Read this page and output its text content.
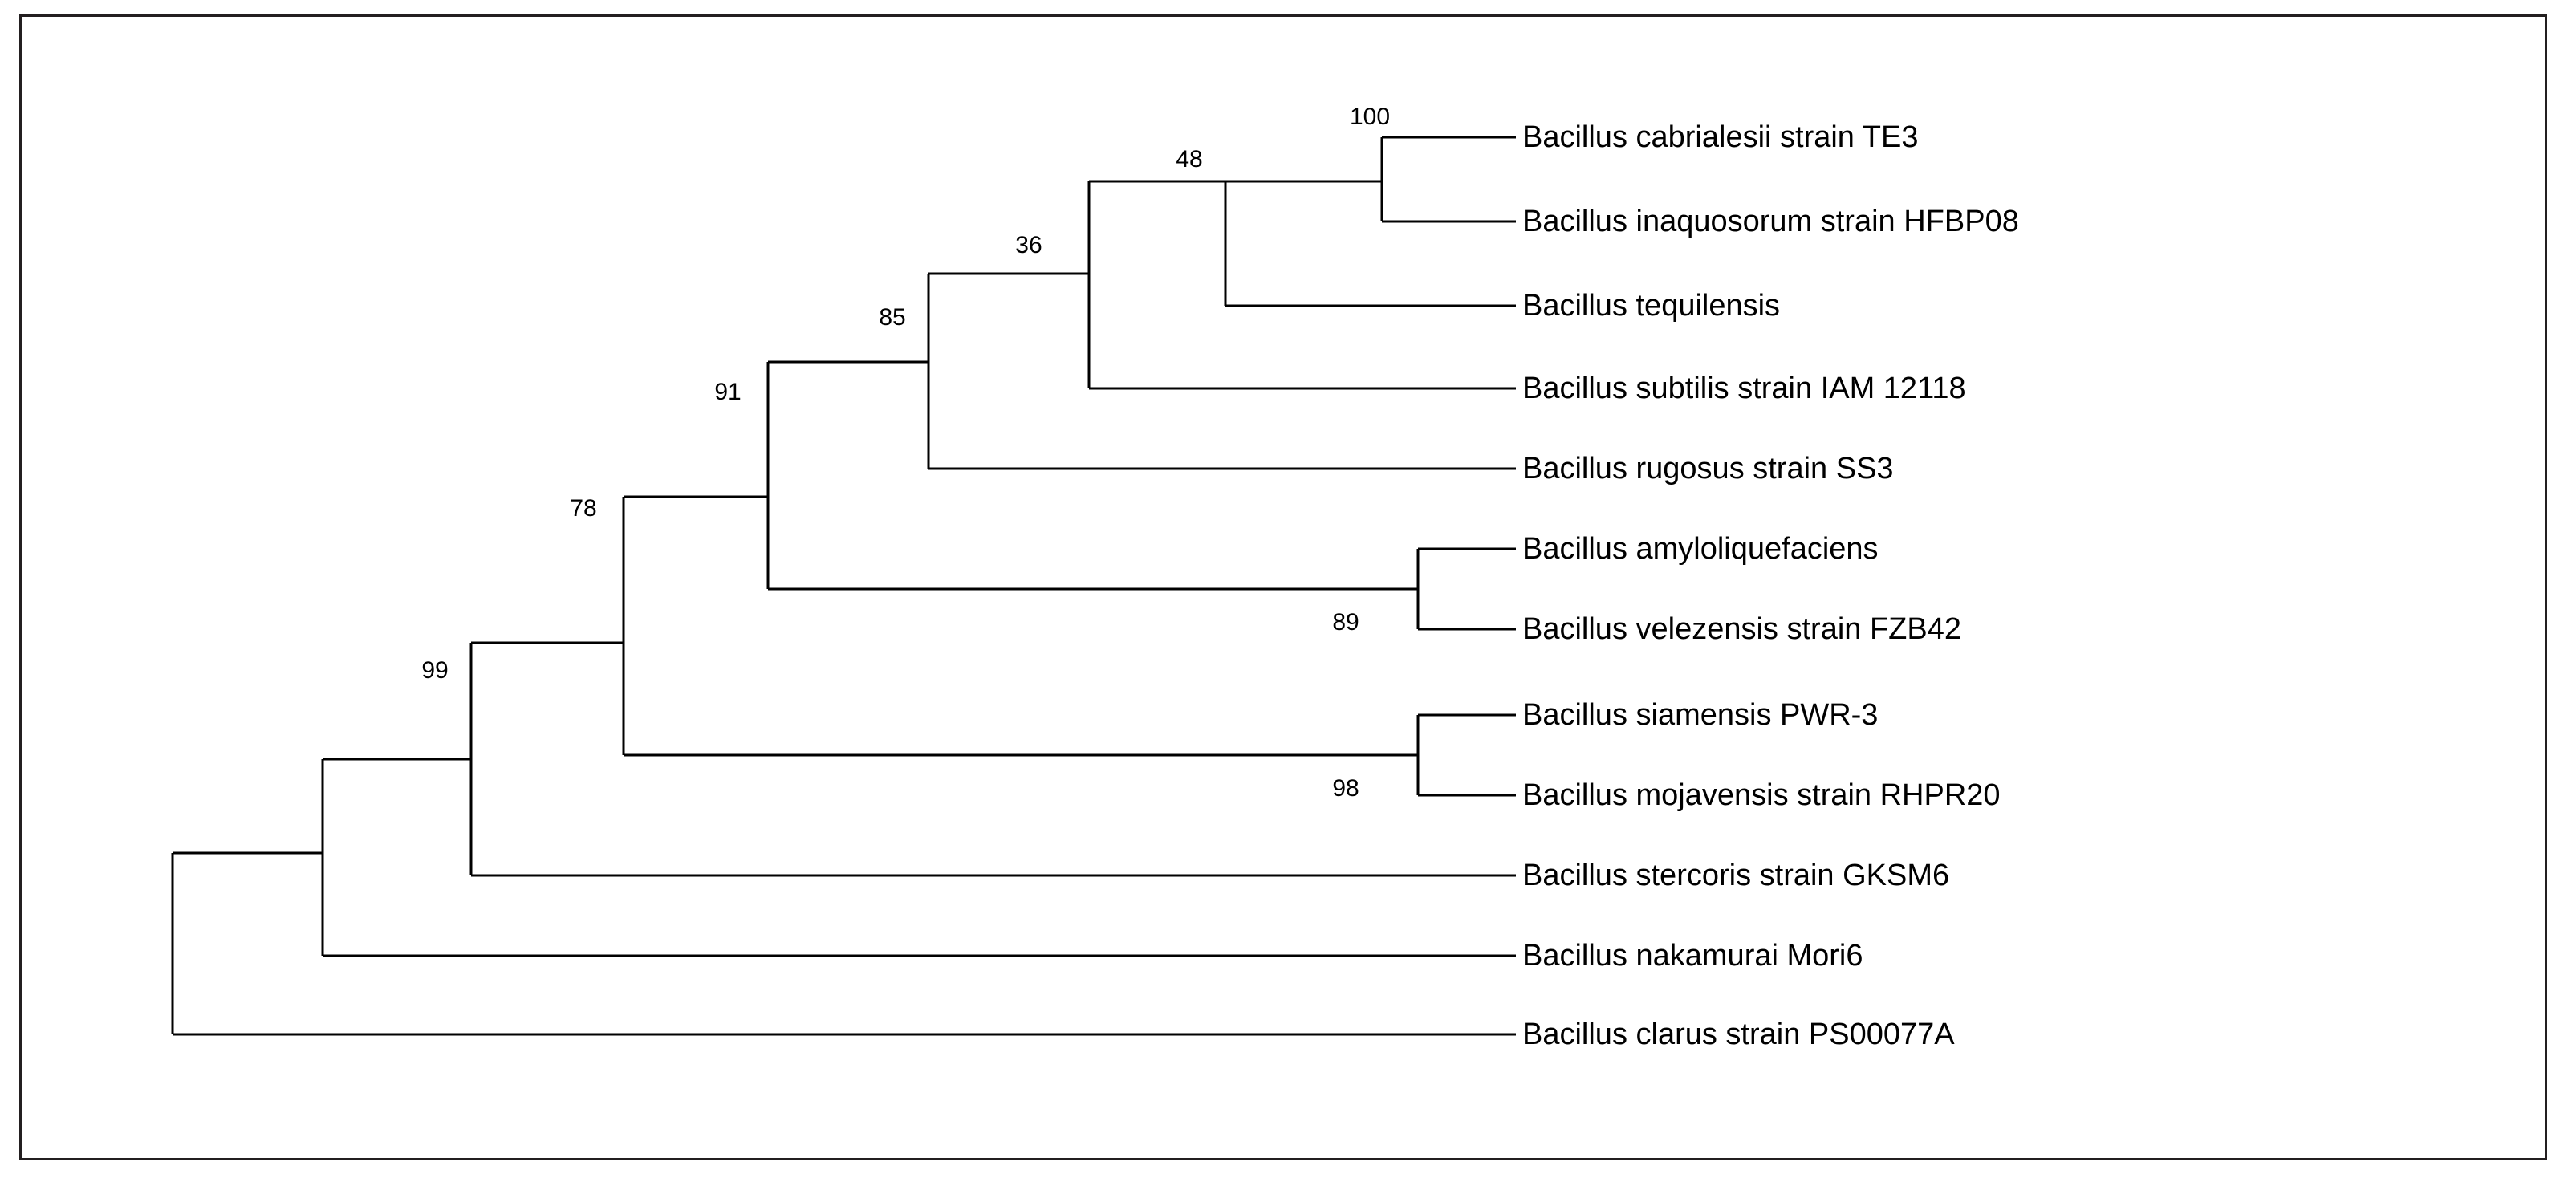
Bacillus cabrialesii strain TE3
Bacillus inaquosorum strain HFBP08
Bacillus tequilensis
Bacillus subtilis strain IAM 12118
Bacillus rugosus strain SS3
Bacillus amyloliquefaciens
Bacillus velezensis strain FZB42
Bacillus siamensis PWR-3
Bacillus mojavensis strain RHPR20
Bacillus stercoris strain GKSM6
Bacillus nakamurai Mori6
Bacillus clarus strain PS00077A
100
48
36
85
91
78
99
89
98
